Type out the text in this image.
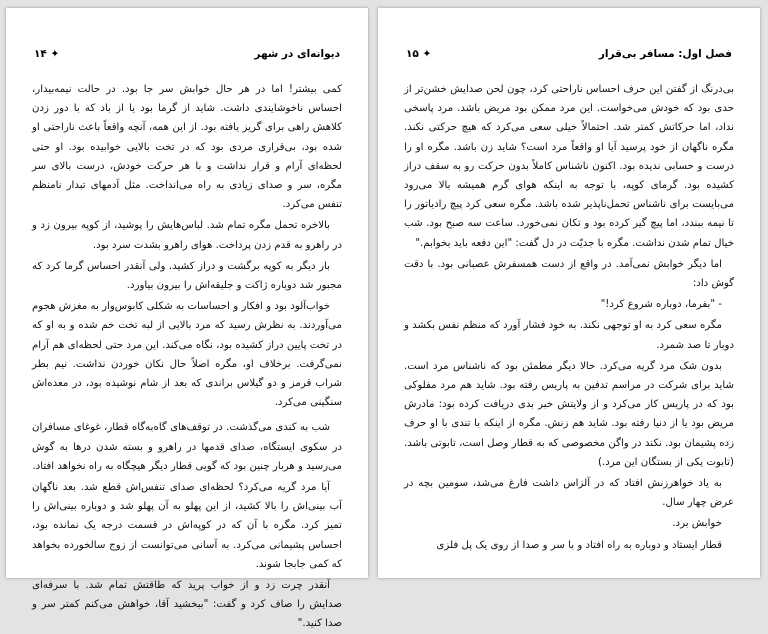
۱۴ ✦	دیوانه‌ای در شهر

کمی بیشتر! اما در هر حال خوابش سر جا بود. در حالت نیمه‌بیدار، احساس ناخوشایندی داشت. شاید از گرما بود یا از باد که با دور زدن کلاهش راهی برای گریز یافته بود. از این همه، آنچه واقعاً باعث ناراحتی او شده بود، بی‌قراری مردی بود که در تخت بالایی خوابیده بود. او حتی لحظه‌ای آرام و قرار نداشت و با هر حرکت خودش، درست بالای سر مگره، سر و صدای زیادی به راه می‌انداخت. مثل آدمهای تبدار نامنظم تنفس می‌کرد.

بالاخره تحمل مگره تمام شد. لباس‌هایش را پوشید، از کوپه بیرون زد و در راهرو به قدم زدن پرداخت. هوای راهرو بشدت سرد بود.

بار دیگر به کوپه برگشت و دراز کشید. ولی آنقدر احساس گرما کرد که مجبور شد دوباره ژاکت و جلیقه‌اش را بیرون بیاورد.

خواب‌آلود بود و افکار و احساسات به شکلی کابوس‌وار به مغزش هجوم می‌آوردند. به نظرش رسید که مرد بالایی از لبه تخت خم شده و به او که در تخت پایین دراز کشیده بود، نگاه می‌کند. این مرد حتی لحظه‌ای هم آرام نمی‌گرفت. برخلاف او، مگره اصلاً حال نکان خوردن نداشت. نیم بطر شراب قرمز و دو گیلاس براندی که بعد از شام نوشیده بود، در معده‌اش سنگینی می‌کرد.

شب به کندی می‌گذشت. در توقف‌های گاه‌به‌گاه قطار، غوغای مسافران در سکوی ایستگاه، صدای قدمها در راهرو و بسته شدن درها به گوش می‌رسید و هربار چنین بود که گویی قطار دیگر هیچگاه به راه نخواهد افتاد.

آیا مرد گریه می‌کرد؟ لحظه‌ای صدای تنفس‌اش قطع شد. بعد ناگهان آب بینی‌اش را بالا کشید، از این پهلو به آن پهلو شد و دوباره بینی‌اش را تمیز کرد. مگره با آن که در کوپه‌اش در قسمت درجه یک نمانده بود، احساس پشیمانی می‌کرد. به آسانی می‌توانست از زوج سالخورده بخواهد که کمی جابجا شوند.

آنقدر چرت زد و از خواب پرید که طاقتش تمام شد. با سرفه‌ای صدایش را صاف کرد و گفت: "ببخشید آقا، خواهش می‌کنم کمتر سر و صدا کنید."

۱۵ ✦	فصل اول: مسافر بی‌قرار

بی‌درنگ از گفتن این حرف احساس ناراحتی کرد، چون لحن صدایش خشن‌تر از حدی بود که خودش می‌خواست. این مرد ممکن بود مریض باشد. مرد پاسخی نداد، اما حرکاتش کمتر شد. احتمالاً خیلی سعی می‌کرد که هیچ حرکتی نکند. مگره ناگهان از خود پرسید آیا او واقعاً مرد است؟ شاید زن باشد. مگره او را درست و حسابی ندیده بود. اکنون ناشناس کاملاً بدون حرکت رو به سقف دراز کشیده بود. گرمای کوپه، با توجه به اینکه هوای گرم همیشه بالا می‌رود می‌بایست برای ناشناس تحمل‌ناپذیر شده باشد. مگره سعی کرد پیچ رادیاتور را تا نیمه ببندد، اما پیچ گیر کرده بود و تکان نمی‌خورد. ساعت سه صبح بود. شب خیال تمام شدن نداشت. مگره با جدیّت در دل گفت: "این دفعه باید بخوابم."

اما دیگر خوابش نمی‌آمد. در واقع از دست همسفرش عصبانی بود. با دقت گوش داد:

- "بفرما، دوباره شروع کرد!"

مگره سعی کرد به او توجهی نکند. به خود فشار آورد که منظم نفس بکشد و دوبار تا صد شمرد.

بدون شک مرد گریه می‌کرد. حالا دیگر مطمئن بود که ناشناس مرد است. شاید برای شرکت در مراسم تدفین به پاریس رفته بود. شاید هم مرد مفلوکی بود که در پاریس کار می‌کرد و از ولایتش خبر بدی دریافت کرده بود: مادرش مریض بود یا از دنیا رفته بود. شاید هم زنش. مگره از اینکه با تندی با او حرف زده پشیمان بود. نکند در واگن مخصوصی که به قطار وصل است، تابوتی باشد. (تابوت یکی از بستگان این مرد.)

به یاد خواهرزنش افتاد که در آلزاس داشت فارغ می‌شد، سومین بچه در عرض چهار سال.

خوابش برد.

قطار ایستاد و دوباره به راه افتاد و با سر و صدا از روی یک پل فلزی
